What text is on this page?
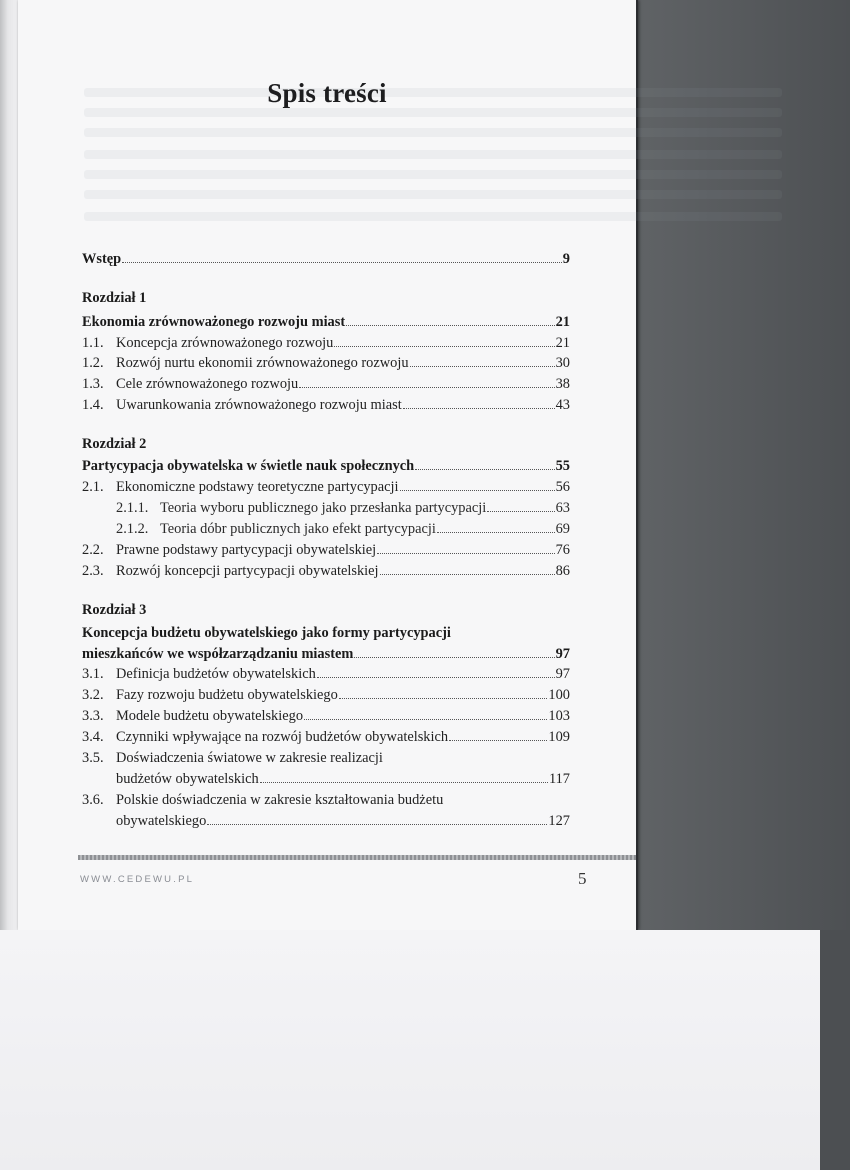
Spis treści
Wstęp	9
Rozdział 1
Ekonomia zrównoważonego rozwoju miast	21
1.1. Koncepcja zrównoważonego rozwoju	21
1.2. Rozwój nurtu ekonomii zrównoważonego rozwoju	30
1.3. Cele zrównoważonego rozwoju	38
1.4. Uwarunkowania zrównoważonego rozwoju miast	43
Rozdział 2
Partycypacja obywatelska w świetle nauk społecznych	55
2.1. Ekonomiczne podstawy teoretyczne partycypacji	56
2.1.1. Teoria wyboru publicznego jako przesłanka partycypacji	63
2.1.2. Teoria dóbr publicznych jako efekt partycypacji	69
2.2. Prawne podstawy partycypacji obywatelskiej	76
2.3. Rozwój koncepcji partycypacji obywatelskiej	86
Rozdział 3
Koncepcja budżetu obywatelskiego jako formy partycypacji
mieszkańców we współzarządzaniu miastem	97
3.1. Definicja budżetów obywatelskich	97
3.2. Fazy rozwoju budżetu obywatelskiego	100
3.3. Modele budżetu obywatelskiego	103
3.4. Czynniki wpływające na rozwój budżetów obywatelskich	109
3.5. Doświadczenia światowe w zakresie realizacji
budżetów obywatelskich	117
3.6. Polskie doświadczenia w zakresie kształtowania budżetu
obywatelskiego	127
WWW.CEDEWU.PL	5
